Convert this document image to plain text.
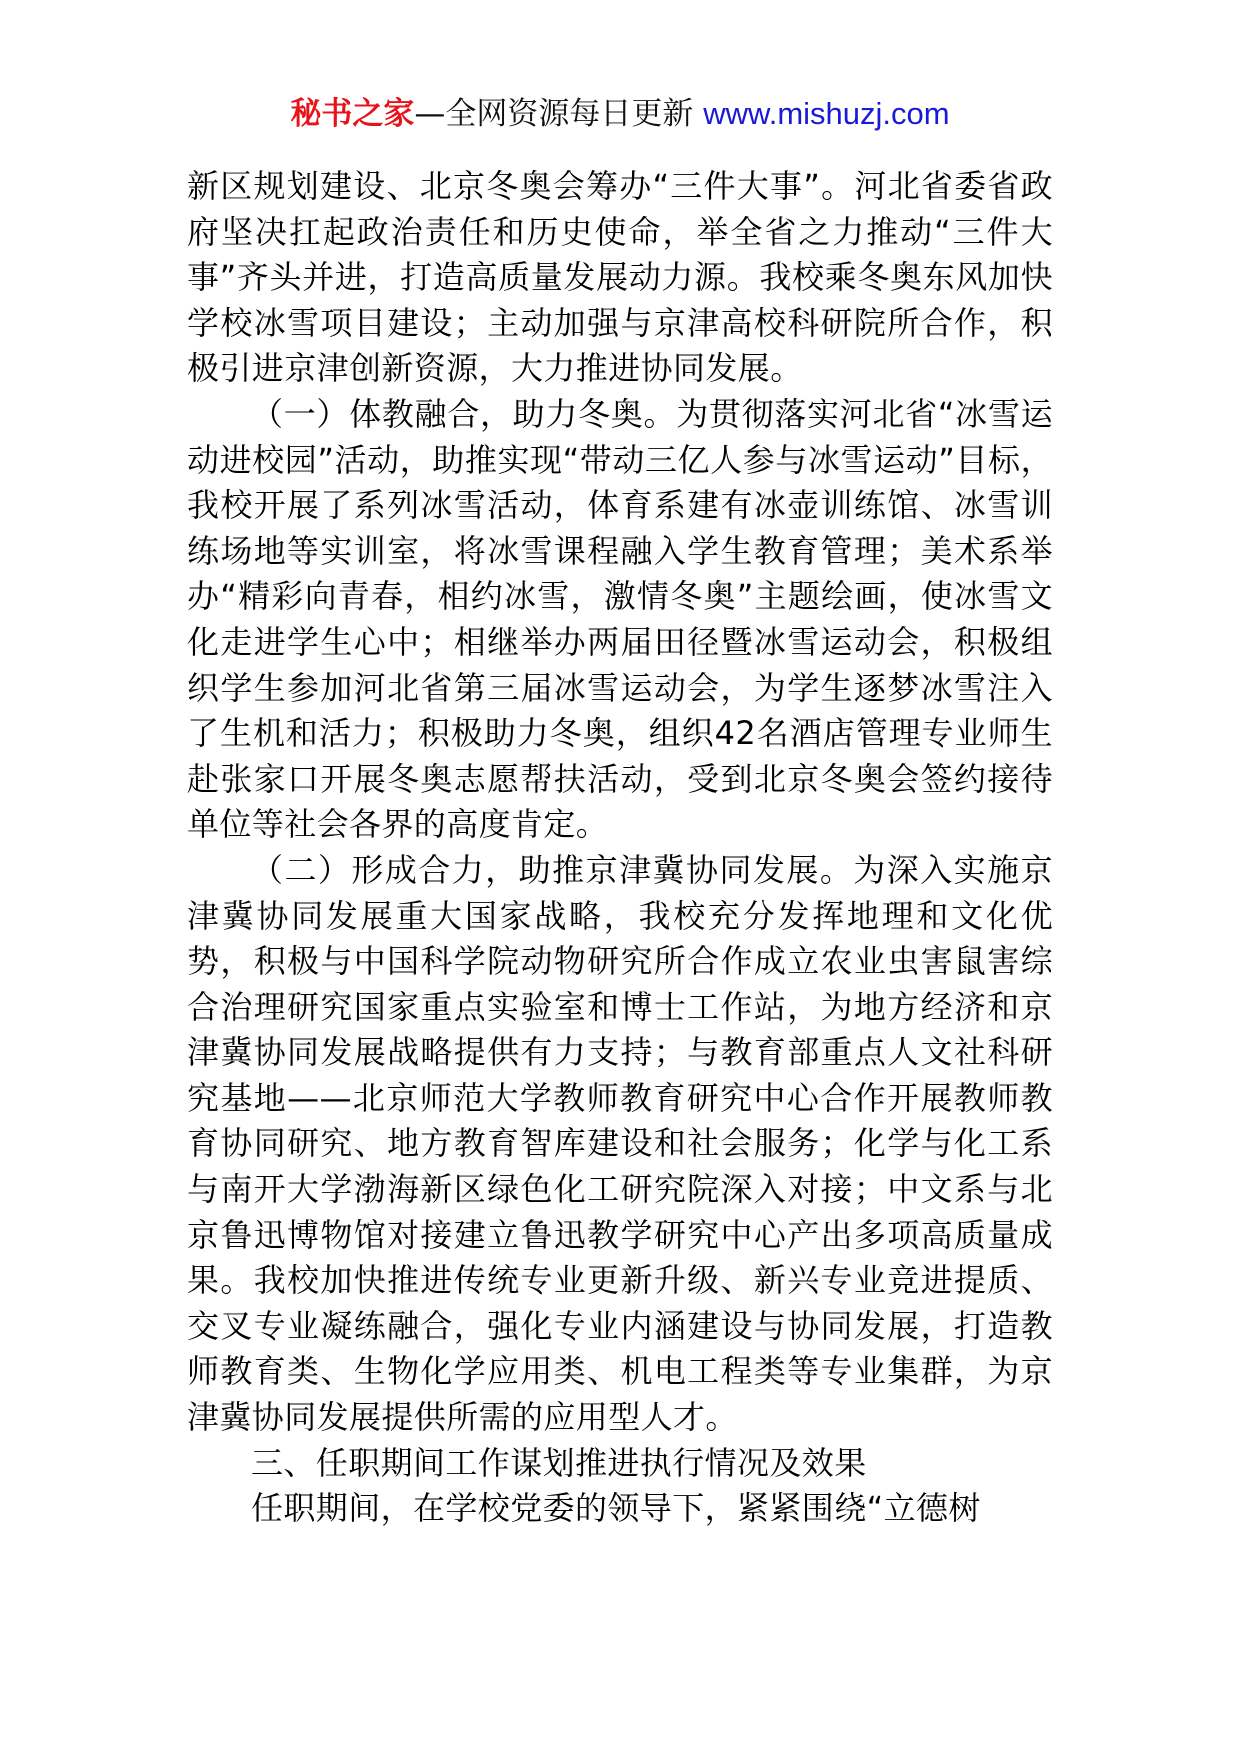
秘书之家—全网资源每日更新 www.mishuzj.com

新区规划建设、北京冬奥会筹办“三件大事”。河北省委省政府坚决扛起政治责任和历史使命，举全省之力推动“三件大事”齐头并进，打造高质量发展动力源。我校乘冬奥东风加快学校冰雪项目建设；主动加强与京津高校科研院所合作，积极引进京津创新资源，大力推进协同发展。

（一）体教融合，助力冬奥。为贯彻落实河北省“冰雪运动进校园”活动，助推实现“带动三亿人参与冰雪运动”目标，我校开展了系列冰雪活动，体育系建有冰壶训练馆、冰雪训练场地等实训室，将冰雪课程融入学生教育管理；美术系举办“精彩向青春，相约冰雪，激情冬奥”主题绘画，使冰雪文化走进学生心中；相继举办两届田径暨冰雪运动会，积极组织学生参加河北省第三届冰雪运动会，为学生逐梦冰雪注入了生机和活力；积极助力冬奥，组织42名酒店管理专业师生赴张家口开展冬奥志愿帮扶活动，受到北京冬奥会签约接待单位等社会各界的高度肯定。

（二）形成合力，助推京津冀协同发展。为深入实施京津冀协同发展重大国家战略，我校充分发挥地理和文化优势，积极与中国科学院动物研究所合作成立农业虫害鼠害综合治理研究国家重点实验室和博士工作站，为地方经济和京津冀协同发展战略提供有力支持；与教育部重点人文社科研究基地——北京师范大学教师教育研究中心合作开展教师教育协同研究、地方教育智库建设和社会服务；化学与化工系与南开大学渤海新区绿色化工研究院深入对接；中文系与北京鲁迅博物馆对接建立鲁迅教学研究中心产出多项高质量成果。我校加快推进传统专业更新升级、新兴专业竞进提质、交叉专业凝练融合，强化专业内涵建设与协同发展，打造教师教育类、生物化学应用类、机电工程类等专业集群，为京津冀协同发展提供所需的应用型人才。

三、任职期间工作谋划推进执行情况及效果

任职期间，在学校党委的领导下，紧紧围绕“立德树
